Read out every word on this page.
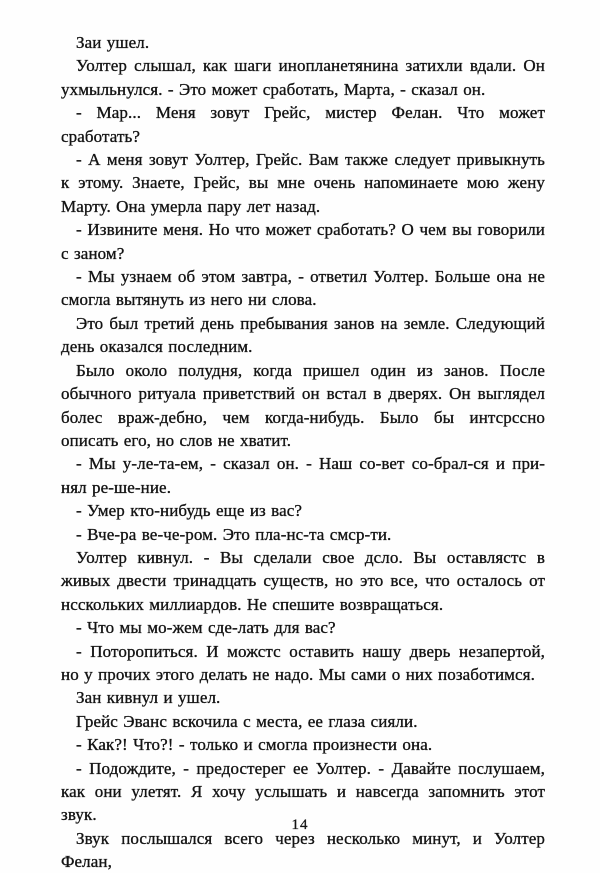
Заи ушел.

Уолтер слышал, как шаги инопланетянина затихли вдали. Он ухмыльнулся. - Это может сработать, Марта, - сказал он.

- Мар... Меня зовут Грейс, мистер Фелан. Что может сработать?

- А меня зовут Уолтер, Грейс. Вам также следует привыкнуть к этому. Знаете, Грейс, вы мне очень напоминаете мою жену Марту. Она умерла пару лет назад.

- Извините меня. Но что может сработать? О чем вы говорили с заном?

- Мы узнаем об этом завтра, - ответил Уолтер. Больше она не смогла вытянуть из него ни слова.

Это был третий день пребывания занов на земле. Следующий день оказался последним.

Было около полудня, когда пришел один из занов. После обычного ритуала приветствий он встал в дверях. Он выглядел болес враж-дебно, чем когда-нибудь. Было бы интсрссно описать его, но слов не хватит.

- Мы у-ле-та-ем, - сказал он. - Наш со-вет со-брал-ся и при-нял ре-ше-ние.

- Умер кто-нибудь еще из вас?

- Вче-ра ве-че-ром. Это пла-нс-та смср-ти.

Уолтер кивнул. - Вы сделали свое дсло. Вы оставлястс в живых двести тринадцать существ, но это все, что осталось от нсскольких миллиардов. Не спешите возвращаться.

- Что мы мо-жем сде-лать для вас?

- Поторопиться. И можстс оставить нашу дверь незапертой, но у прочих этого делать не надо. Мы сами о них позаботимся.

Зан кивнул и ушел.

Грейс Эванс вскочила с места, ее глаза сияли.

- Как?! Что?! - только и смогла произнести она.

- Подождите, - предостерег ее Уолтер. - Давайте послушаем, как они улетят. Я хочу услышать и навсегда запомнить этот звук.

Звук послышался всего через несколько минут, и Уолтер Фелан,

14
